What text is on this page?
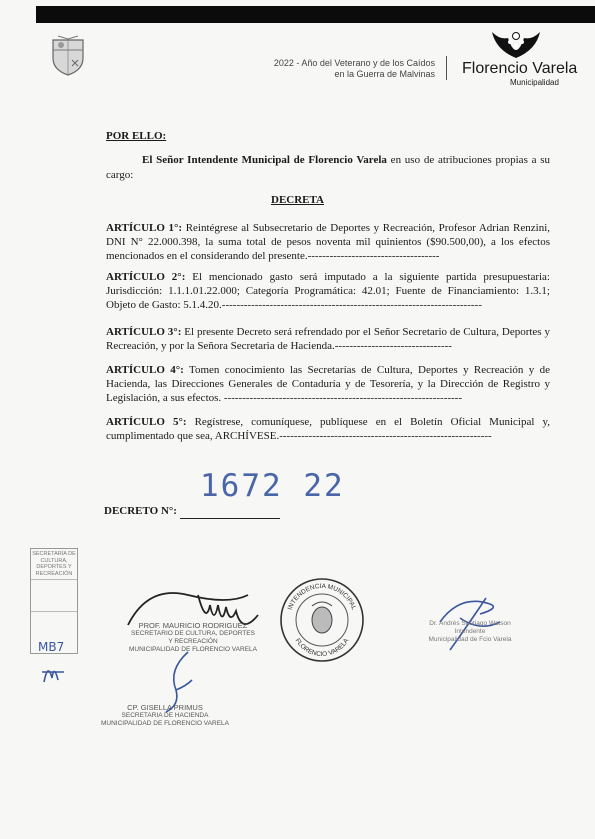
2022 - Año del Veterano y de los Caídos
en la Guerra de Malvinas Florencio Varela
Municipalidad
POR ELLO:
El Señor Intendente Municipal de Florencio Varela en uso de atribuciones propias a su cargo:
DECRETA
ARTÍCULO 1°: Reintégrese al Subsecretario de Deportes y Recreación, Profesor Adrian Renzini, DNI N° 22.000.398, la suma total de pesos noventa mil quinientos ($90.500,00), a los efectos mencionados en el considerando del presente.------------------------------------
ARTÍCULO 2°: El mencionado gasto será imputado a la siguiente partida presupuestaria: Jurisdicción: 1.1.1.01.22.000; Categoría Programática: 42.01; Fuente de Financiamiento: 1.3.1; Objeto de Gasto: 5.1.4.20.-----------------------------------------------------------------------
ARTÍCULO 3°: El presente Decreto será refrendado por el Señor Secretario de Cultura, Deportes y Recreación, y por la Señora Secretaria de Hacienda.--------------------------------
ARTÍCULO 4°: Tomen conocimiento las Secretarías de Cultura, Deportes y Recreación y de Hacienda, las Direcciones Generales de Contaduría y de Tesorería, y la Dirección de Registro y Legislación, a sus efectos. -----------------------------------------------------------------
ARTÍCULO 5°: Regístrese, comuníquese, publíquese en el Boletín Oficial Municipal y, cumplimentado que sea, ARCHÍVESE.----------------------------------------------------------
1672 22
DECRETO N°:
SECRETARÍA DE CULTURA, DEPORTES Y RECREACIÓN
MB7
PROF. MAURICIO RODRIGUEZ
SECRETARIO DE CULTURA, DEPORTES
Y RECREACIÓN
MUNICIPALIDAD DE FLORENCIO VARELA
CP. GISELLA PRIMUS
SECRETARIA DE HACIENDA
MUNICIPALIDAD DE FLORENCIO VARELA
INTENDENCIA MUNICIPAL
FLORENCIO VARELA
Dr. Andrés Santiago Watson
Intendente
Municipalidad de Fcio Varela
